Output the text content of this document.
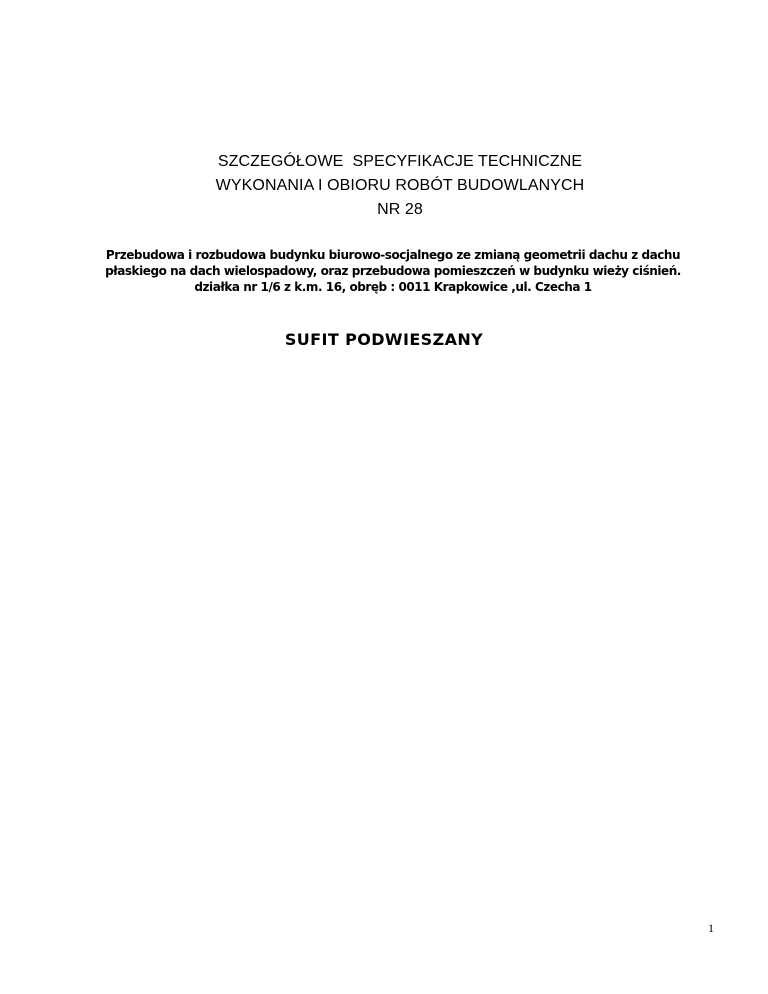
SZCZEGÓŁOWE  SPECYFIKACJE TECHNICZNE
WYKONANIA I OBIORU ROBÓT BUDOWLANYCH
NR 28
Przebudowa i rozbudowa budynku biurowo-socjalnego ze zmianą geometrii dachu z dachu
płaskiego na dach wielospadowy, oraz przebudowa pomieszczeń w budynku wieży ciśnień.
działka nr 1/6 z k.m. 16, obręb : 0011 Krapkowice ,ul. Czecha 1
SUFIT PODWIESZANY
1
